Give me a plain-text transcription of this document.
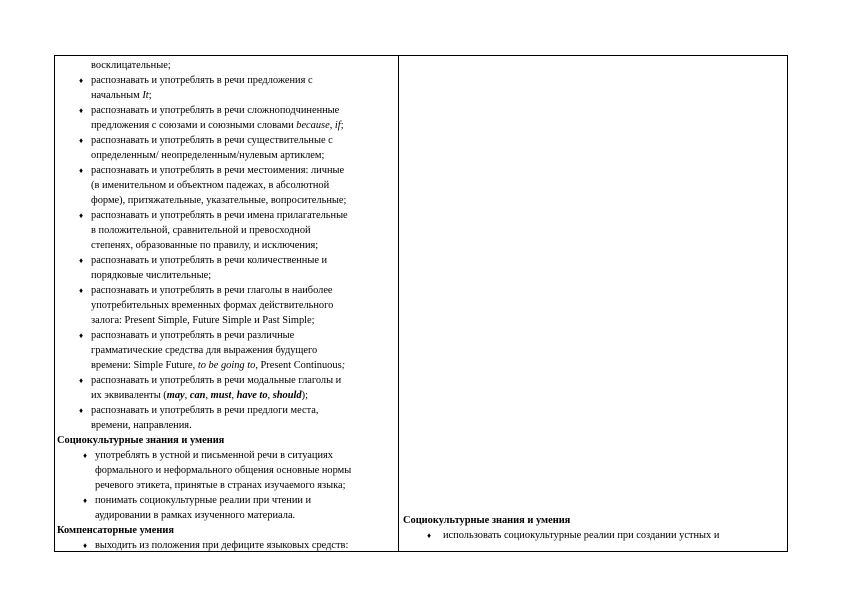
восклицательные;
♦ распознавать и употреблять в речи предложения с
начальным It;
♦ распознавать и употреблять в речи сложноподчиненные
предложения с союзами и союзными словами because, if;
♦ распознавать и употреблять в речи существительные с
определенным/ неопределенным/нулевым артиклем;
♦ распознавать и употреблять в речи местоимения: личные
(в именительном и объектном падежах, в абсолютной
форме), притяжательные, указательные, вопросительные;
♦ распознавать и употреблять в речи имена прилагательные
в положительной, сравнительной и превосходной
степенях, образованные по правилу, и исключения;
♦ распознавать и употреблять в речи количественные и
порядковые числительные;
♦ распознавать и употреблять в речи глаголы в наиболее
употребительных временных формах действительного
залога: Present Simple, Future Simple и Past Simple;
♦ распознавать и употреблять в речи различные
грамматические средства для выражения будущего
времени: Simple Future, to be going to, Present Continuous;
♦ распознавать и употреблять в речи модальные глаголы и
их эквиваленты (may, can, must, have to, should);
♦ распознавать и употреблять в речи предлоги места,
времени, направления.
Социокультурные знания и умения
♦ употреблять в устной и письменной речи в ситуациях
формального и неформального общения основные нормы
речевого этикета, принятые в странах изучаемого языка;
♦ понимать социокультурные реалии при чтении и
аудировании в рамках изученного материала.
Компенсаторные умения
♦ выходить из положения при дефиците языковых средств:
Социокультурные знания и умения
♦ использовать социокультурные реалии при создании устных и
